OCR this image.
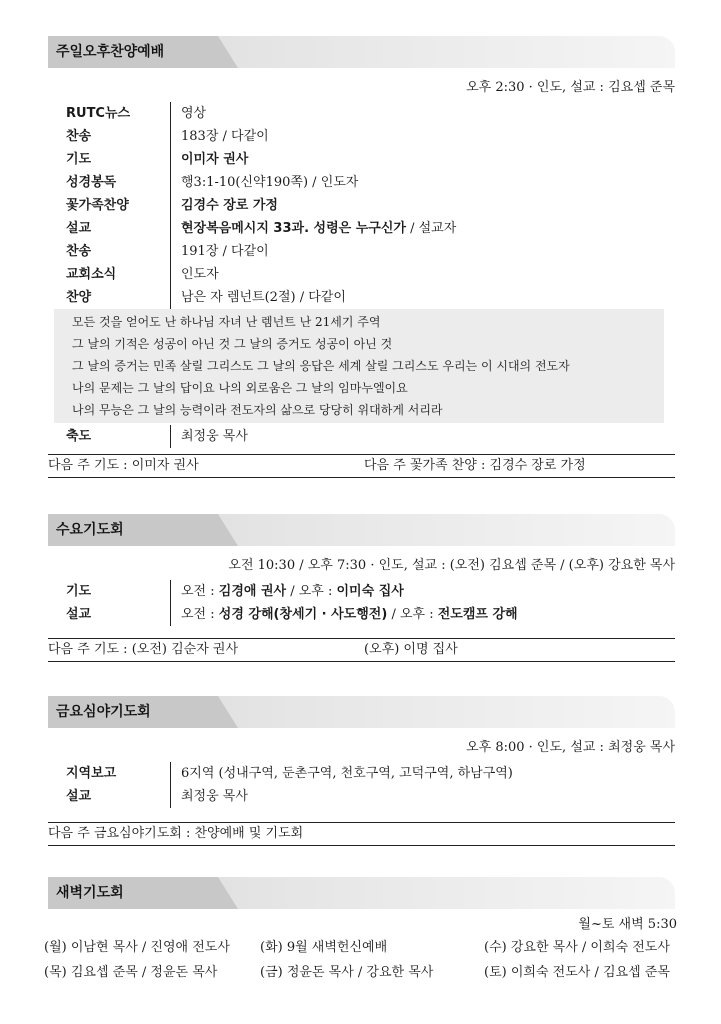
주일오후찬양예배
오후 2:30 · 인도, 설교 : 김요셉 준목
RUTC뉴스	영상
찬송	183장 / 다같이
기도	이미자 권사
성경봉독	행3:1-10(신약190쪽) / 인도자
꽃가족찬양	김경수 장로 가정
설교	현장복음메시지 33과. 성령은 누구신가 / 설교자
찬송	191장 / 다같이
교회소식	인도자
찬양	남은 자 렘넌트(2절) / 다같이
모든 것을 얻어도 난 하나님 자녀 난 렘넌트 난 21세기 주역
그 날의 기적은 성공이 아닌 것 그 날의 증거도 성공이 아닌 것
그 날의 증거는 민족 살릴 그리스도 그 날의 응답은 세계 살릴 그리스도 우리는 이 시대의 전도자
나의 문제는 그 날의 답이요 나의 외로움은 그 날의 임마누엘이요
나의 무능은 그 날의 능력이라 전도자의 삶으로 당당히 위대하게 서리라
축도	최정웅 목사
다음 주 기도 : 이미자 권사	다음 주 꽃가족 찬양 : 김경수 장로 가정
수요기도회
오전 10:30 / 오후 7:30 · 인도, 설교 : (오전) 김요셉 준목 / (오후) 강요한 목사
기도	오전 : 김경애 권사 / 오후 : 이미숙 집사
설교	오전 : 성경 강해(창세기 · 사도행전) / 오후 : 전도캠프 강해
다음 주 기도 : (오전) 김순자 권사	(오후) 이명 집사
금요심야기도회
오후 8:00 · 인도, 설교 : 최정웅 목사
지역보고	6지역 (성내구역, 둔촌구역, 천호구역, 고덕구역, 하남구역)
설교	최정웅 목사
다음 주 금요심야기도회 : 찬양예배 및 기도회
새벽기도회
월~토 새벽 5:30
(월) 이남현 목사 / 진영애 전도사	(화) 9월 새벽헌신예배	(수) 강요한 목사 / 이희숙 전도사
(목) 김요셉 준목 / 정윤돈 목사	(금) 정윤돈 목사 / 강요한 목사	(토) 이희숙 전도사 / 김요셉 준목
